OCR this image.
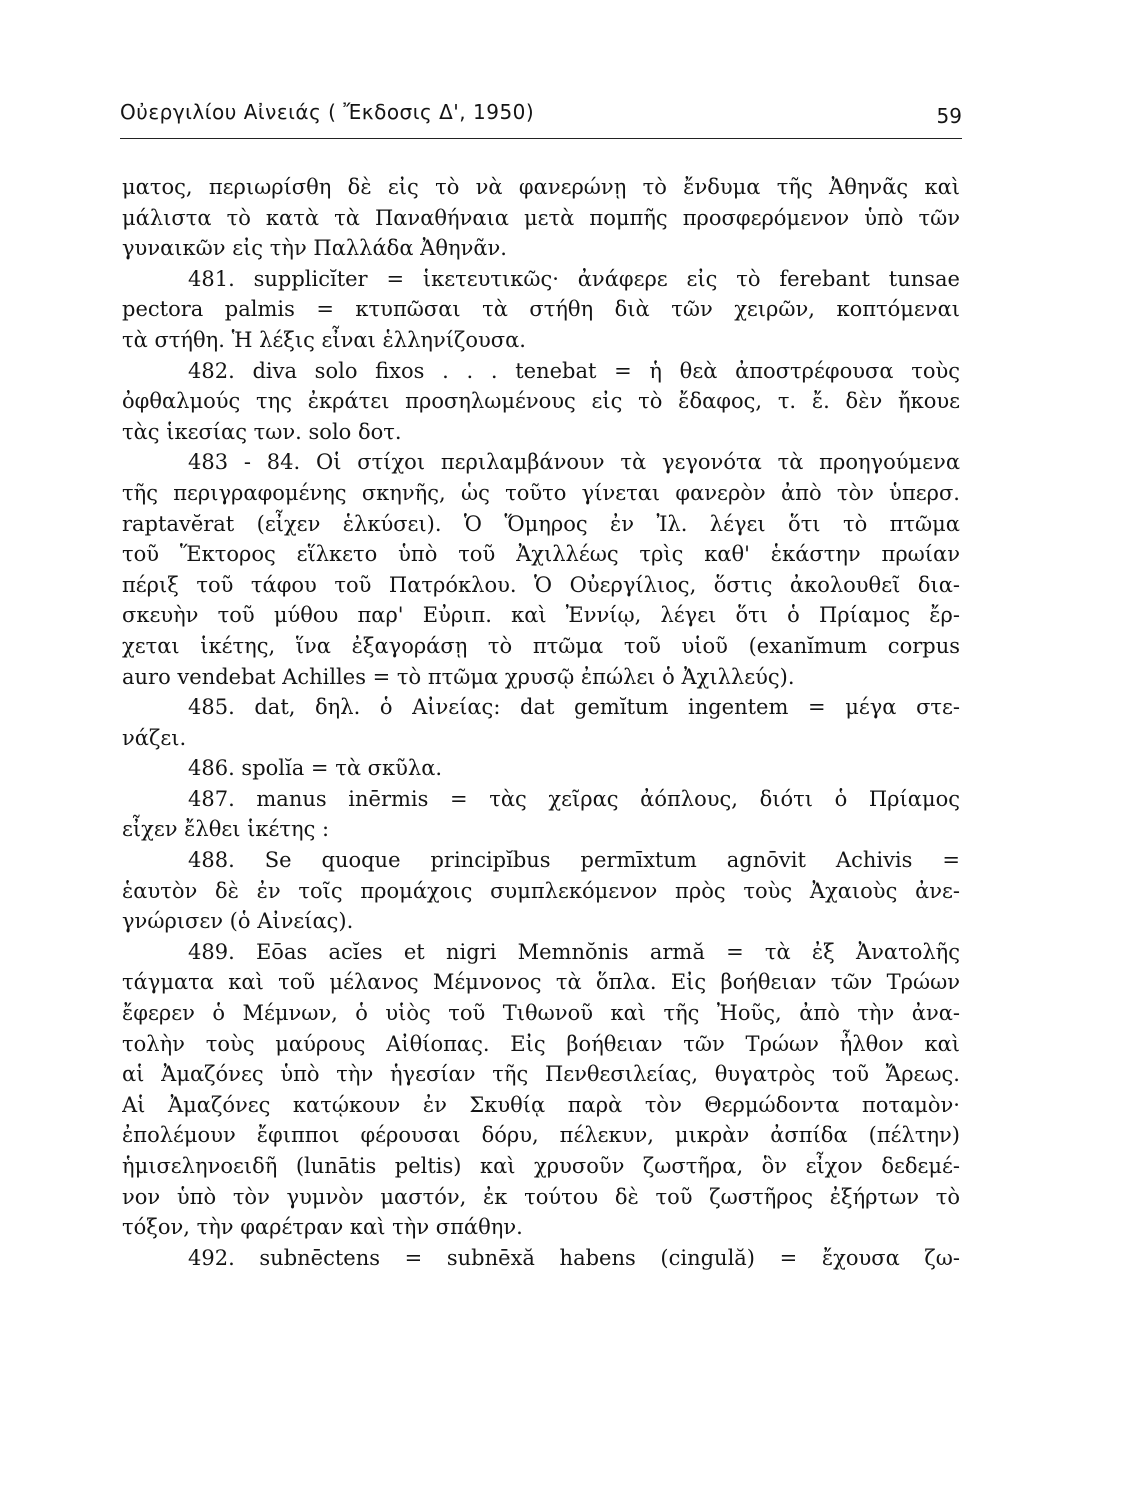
Οὐεργιλίου Αἰνειάς ( Ἔκδοσις Δ', 1950)	59
ματος, περιωρίσθη δὲ εἰς τὸ νὰ φανερώνῃ τὸ ἔνδυμα τῆς Ἀθηνᾶς καὶ
μάλιστα τὸ κατὰ τὰ Παναθήναια μετὰ πομπῆς προσφερόμενον ὑπὸ τῶν
γυναικῶν εἰς τὴν Παλλάδα Ἀθηνᾶν.
481. supplicĭter = ἱκετευτικῶς· ἀνάφερε εἰς τὸ ferebant tunsae
pectora palmis = κτυπῶσαι τὰ στήθη διὰ τῶν χειρῶν, κοπτόμεναι
τὰ στήθη. Ἡ λέξις εἶναι ἑλληνίζουσα.
482. diva solo fixos . . . tenebat = ἡ θεὰ ἀποστρέφουσα τοὺς
ὀφθαλμούς της ἐκράτει προσηλωμένους εἰς τὸ ἔδαφος, τ. ἔ. δὲν ἤκουε
τὰς ἱκεσίας των. solo δοτ.
483 - 84. Οἱ στίχοι περιλαμβάνουν τὰ γεγονότα τὰ προηγούμενα
τῆς περιγραφομένης σκηνῆς, ὡς τοῦτο γίνεται φανερὸν ἀπὸ τὸν ὑπερσ.
raptavĕrat (εἶχεν ἑλκύσει). Ὁ Ὅμηρος ἐν Ἰλ. λέγει ὅτι τὸ πτῶμα
τοῦ Ἕκτορος εἵλκετο ὑπὸ τοῦ Ἀχιλλέως τρὶς καθ' ἑκάστην πρωίαν
πέριξ τοῦ τάφου τοῦ Πατρόκλου. Ὁ Οὐεργίλιος, ὅστις ἀκολουθεῖ δια-
σκευὴν τοῦ μύθου παρ' Εὐριπ. καὶ Ἐννίῳ, λέγει ὅτι ὁ Πρίαμος ἔρ-
χεται ἱκέτης, ἵνα ἐξαγοράσῃ τὸ πτῶμα τοῦ υἱοῦ (exanĭmum corpus
auro vendebat Achilles = τὸ πτῶμα χρυσῷ ἐπώλει ὁ Ἀχιλλεύς).
485. dat, δηλ. ὁ Αἰνείας: dat gemĭtum ingentem = μέγα στε-
νάζει.
486. spolĭa = τὰ σκῦλα.
487. manus inērmis = τὰς χεῖρας ἀόπλους, διότι ὁ Πρίαμος
εἶχεν ἔλθει ἱκέτης :
488. Se quoque principĭbus permīxtum agnōvit Achivis =
ἑαυτὸν δὲ ἐν τοῖς προμάχοις συμπλεκόμενον πρὸς τοὺς Ἀχαιοὺς ἀνε-
γνώρισεν (ὁ Αἰνείας).
489. Eōas acĭes et nigri Memnŏnis armă = τὰ ἐξ Ἀνατολῆς
τάγματα καὶ τοῦ μέλανος Μέμνονος τὰ ὅπλα. Εἰς βοήθειαν τῶν Τρώων
ἔφερεν ὁ Μέμνων, ὁ υἱὸς τοῦ Τιθωνοῦ καὶ τῆς Ἠοῦς, ἀπὸ τὴν ἀνα-
τολὴν τοὺς μαύρους Αἰθίοπας. Εἰς βοήθειαν τῶν Τρώων ἦλθον καὶ
αἱ Ἀμαζόνες ὑπὸ τὴν ἡγεσίαν τῆς Πενθεσιλείας, θυγατρὸς τοῦ Ἄρεως.
Αἱ Ἀμαζόνες κατῴκουν ἐν Σκυθίᾳ παρὰ τὸν Θερμώδοντα ποταμὸν·
ἐπολέμουν ἔφιπποι φέρουσαι δόρυ, πέλεκυν, μικρὰν ἀσπίδα (πέλτην)
ἡμισεληνοειδῆ (lunātis peltis) καὶ χρυσοῦν ζωστῆρα, ὃν εἶχον δεδεμέ-
νον ὑπὸ τὸν γυμνὸν μαστόν, ἐκ τούτου δὲ τοῦ ζωστῆρος ἐξήρτων τὸ
τόξον, τὴν φαρέτραν καὶ τὴν σπάθην.
492. subnēctens = subnēxă habens (cingulă) = ἔχουσα ζω-
